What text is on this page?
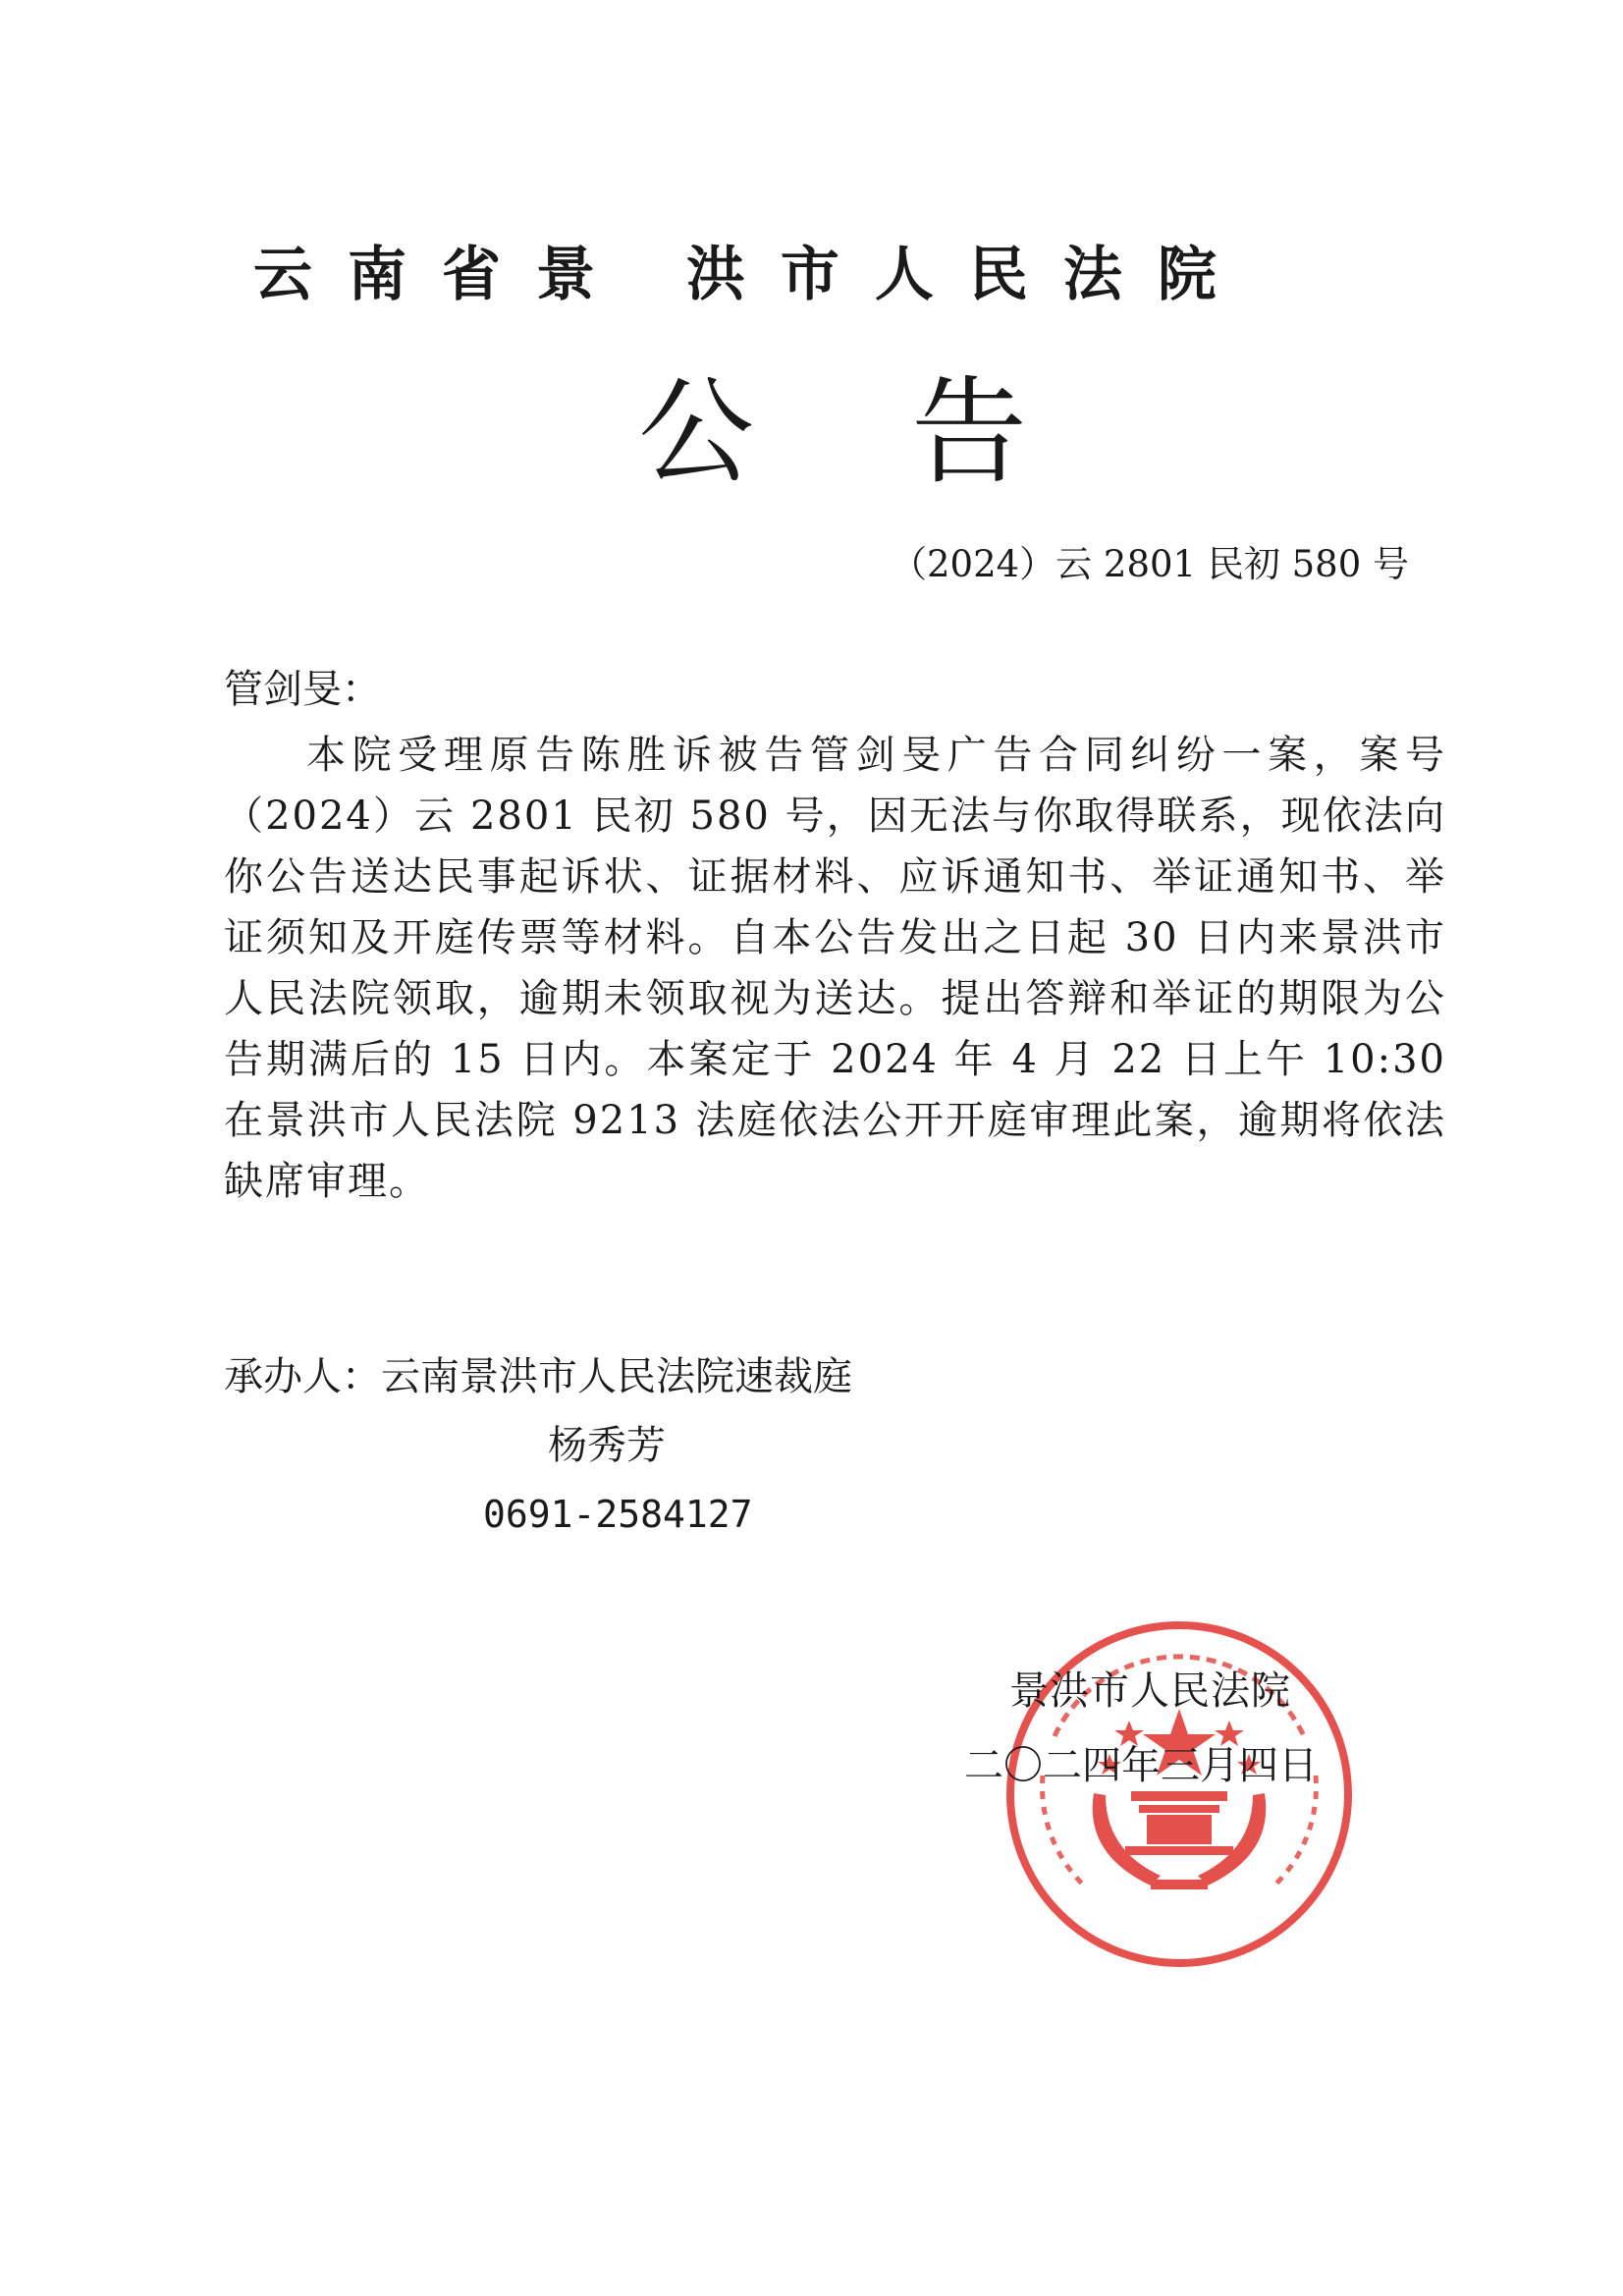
云南省景 洪市人民法院
公告
（2024）云 2801 民初 580 号
管剑旻：
本院受理原告陈胜诉被告管剑旻广告合同纠纷一案，案号（2024）云 2801 民初 580 号，因无法与你取得联系，现依法向你公告送达民事起诉状、证据材料、应诉通知书、举证通知书、举证须知及开庭传票等材料。自本公告发出之日起 30 日内来景洪市人民法院领取，逾期未领取视为送达。提出答辩和举证的期限为公告期满后的 15 日内。本案定于 2024 年 4 月 22 日上午 10:30 在景洪市人民法院 9213 法庭依法公开开庭审理此案，逾期将依法缺席审理。
承办人：云南景洪市人民法院速裁庭
杨秀芳
0691-2584127
景洪市人民法院
二〇二四年三月四日
